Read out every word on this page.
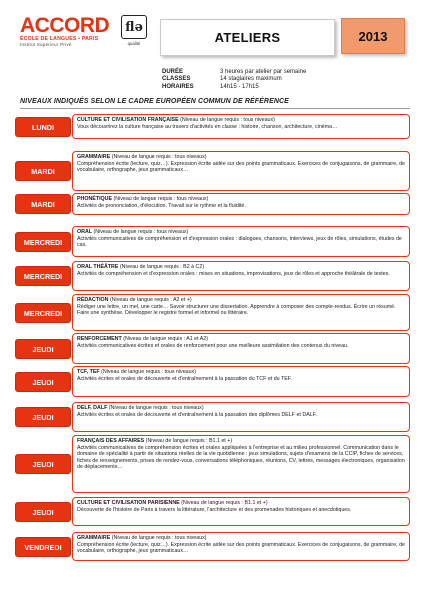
ACCORD
ÉCOLE DE LANGUES • PARIS
Institut Supérieur Privé
flə
qualité	ATELIERS	2013
DURÉE	3 heures par atelier par semaine
CLASSES	14 stagiaires maximum
HORAIRES	14h15 - 17h15
NIVEAUX INDIQUÉS SELON LE CADRE EUROPÉEN COMMUN DE RÉFÉRENCE
LUNDI
CULTURE ET CIVILISATION FRANÇAISE (Niveau de langue requis : tous niveaux)
Vous découvrirez la culture française au travers d'activités en classe : histoire, chanson, architecture, cinéma…
MARDI
GRAMMAIRE (Niveau de langue requis : tous niveaux)
Compréhension écrite (lecture, quiz…). Expression écrite aidée sur des points grammaticaux. Exercices de conjugaisons, de grammaire, de vocabulaire, orthographe, jeux grammaticaux…
MARDI
PHONÉTIQUE (Niveau de langue requis : tous niveaux)
Activités de prononciation, d'élocution. Travail sur le rythme et la fluidité.
MERCREDI
ORAL (Niveau de langue requis : tous niveaux)
Activités communicatives de compréhension et d'expression orales : dialogues, chansons, interviews, jeux de rôles, simulations, études de cas.
MERCREDI
ORAL THÉÂTRE (Niveau de langue requis : B2 à C2)
Activités de compréhension et d'expression orales : mises en situations, improvisations, jeux de rôles et approche théâtrale de textes.
MERCREDI
RÉDACTION (Niveau de langue requis : A2 et +)
Rédiger une lettre, un mel, une carte… Savoir structurer une dissertation. Apprendre à composer des compte-rendus. Écrire un résumé. Faire une synthèse. Développer le registre formel et informel ou littéraire.
JEUDI
RENFORCEMENT (Niveau de langue requis : A1 et A2)
Activités communicatives écrites et orales de renforcement pour une meilleure assimilation des contenus du niveau.
JEUDI
TCF, TEF (Niveau de langue requis : tous niveaux)
Activités écrites et orales de découverte et d'entraînement à la passation du TCF et du TEF.
JEUDI
DELF, DALF (Niveau de langue requis : tous niveaux)
Activités écrites et orales de découverte et d'entraînement à la passation des diplômes DELF et DALF.
JEUDI
FRANÇAIS DES AFFAIRES (Niveau de langue requis : B1.1 et +)
Activités communicatives de compréhension écrites et orales appliquées à l'entreprise et au milieu professionnel. Communication dans le domaine de spécialité à partir de situations réelles de la vie quotidienne : jeux simulations, sujets d'examens de la CCIP, fiches de services, fiches de renseignements, prises de rendez-vous, conversations téléphoniques, réunions, CV, lettres, messages électroniques, organisation de déplacements…
JEUDI
CULTURE ET CIVILISATION PARISIENNE (Niveau de langue requis : B1.1 et +)
Découverte de l'histoire de Paris à travers la littérature, l'architecture et des promenades historiques et anecdotiques.
VENDREDI
GRAMMAIRE (Niveau de langue requis : tous niveaux)
Compréhension écrite (lecture, quiz…). Expression écrite aidée sur des points grammaticaux. Exercices de conjugaisons, de grammaire, de vocabulaire, orthographe, jeux grammaticaux…
